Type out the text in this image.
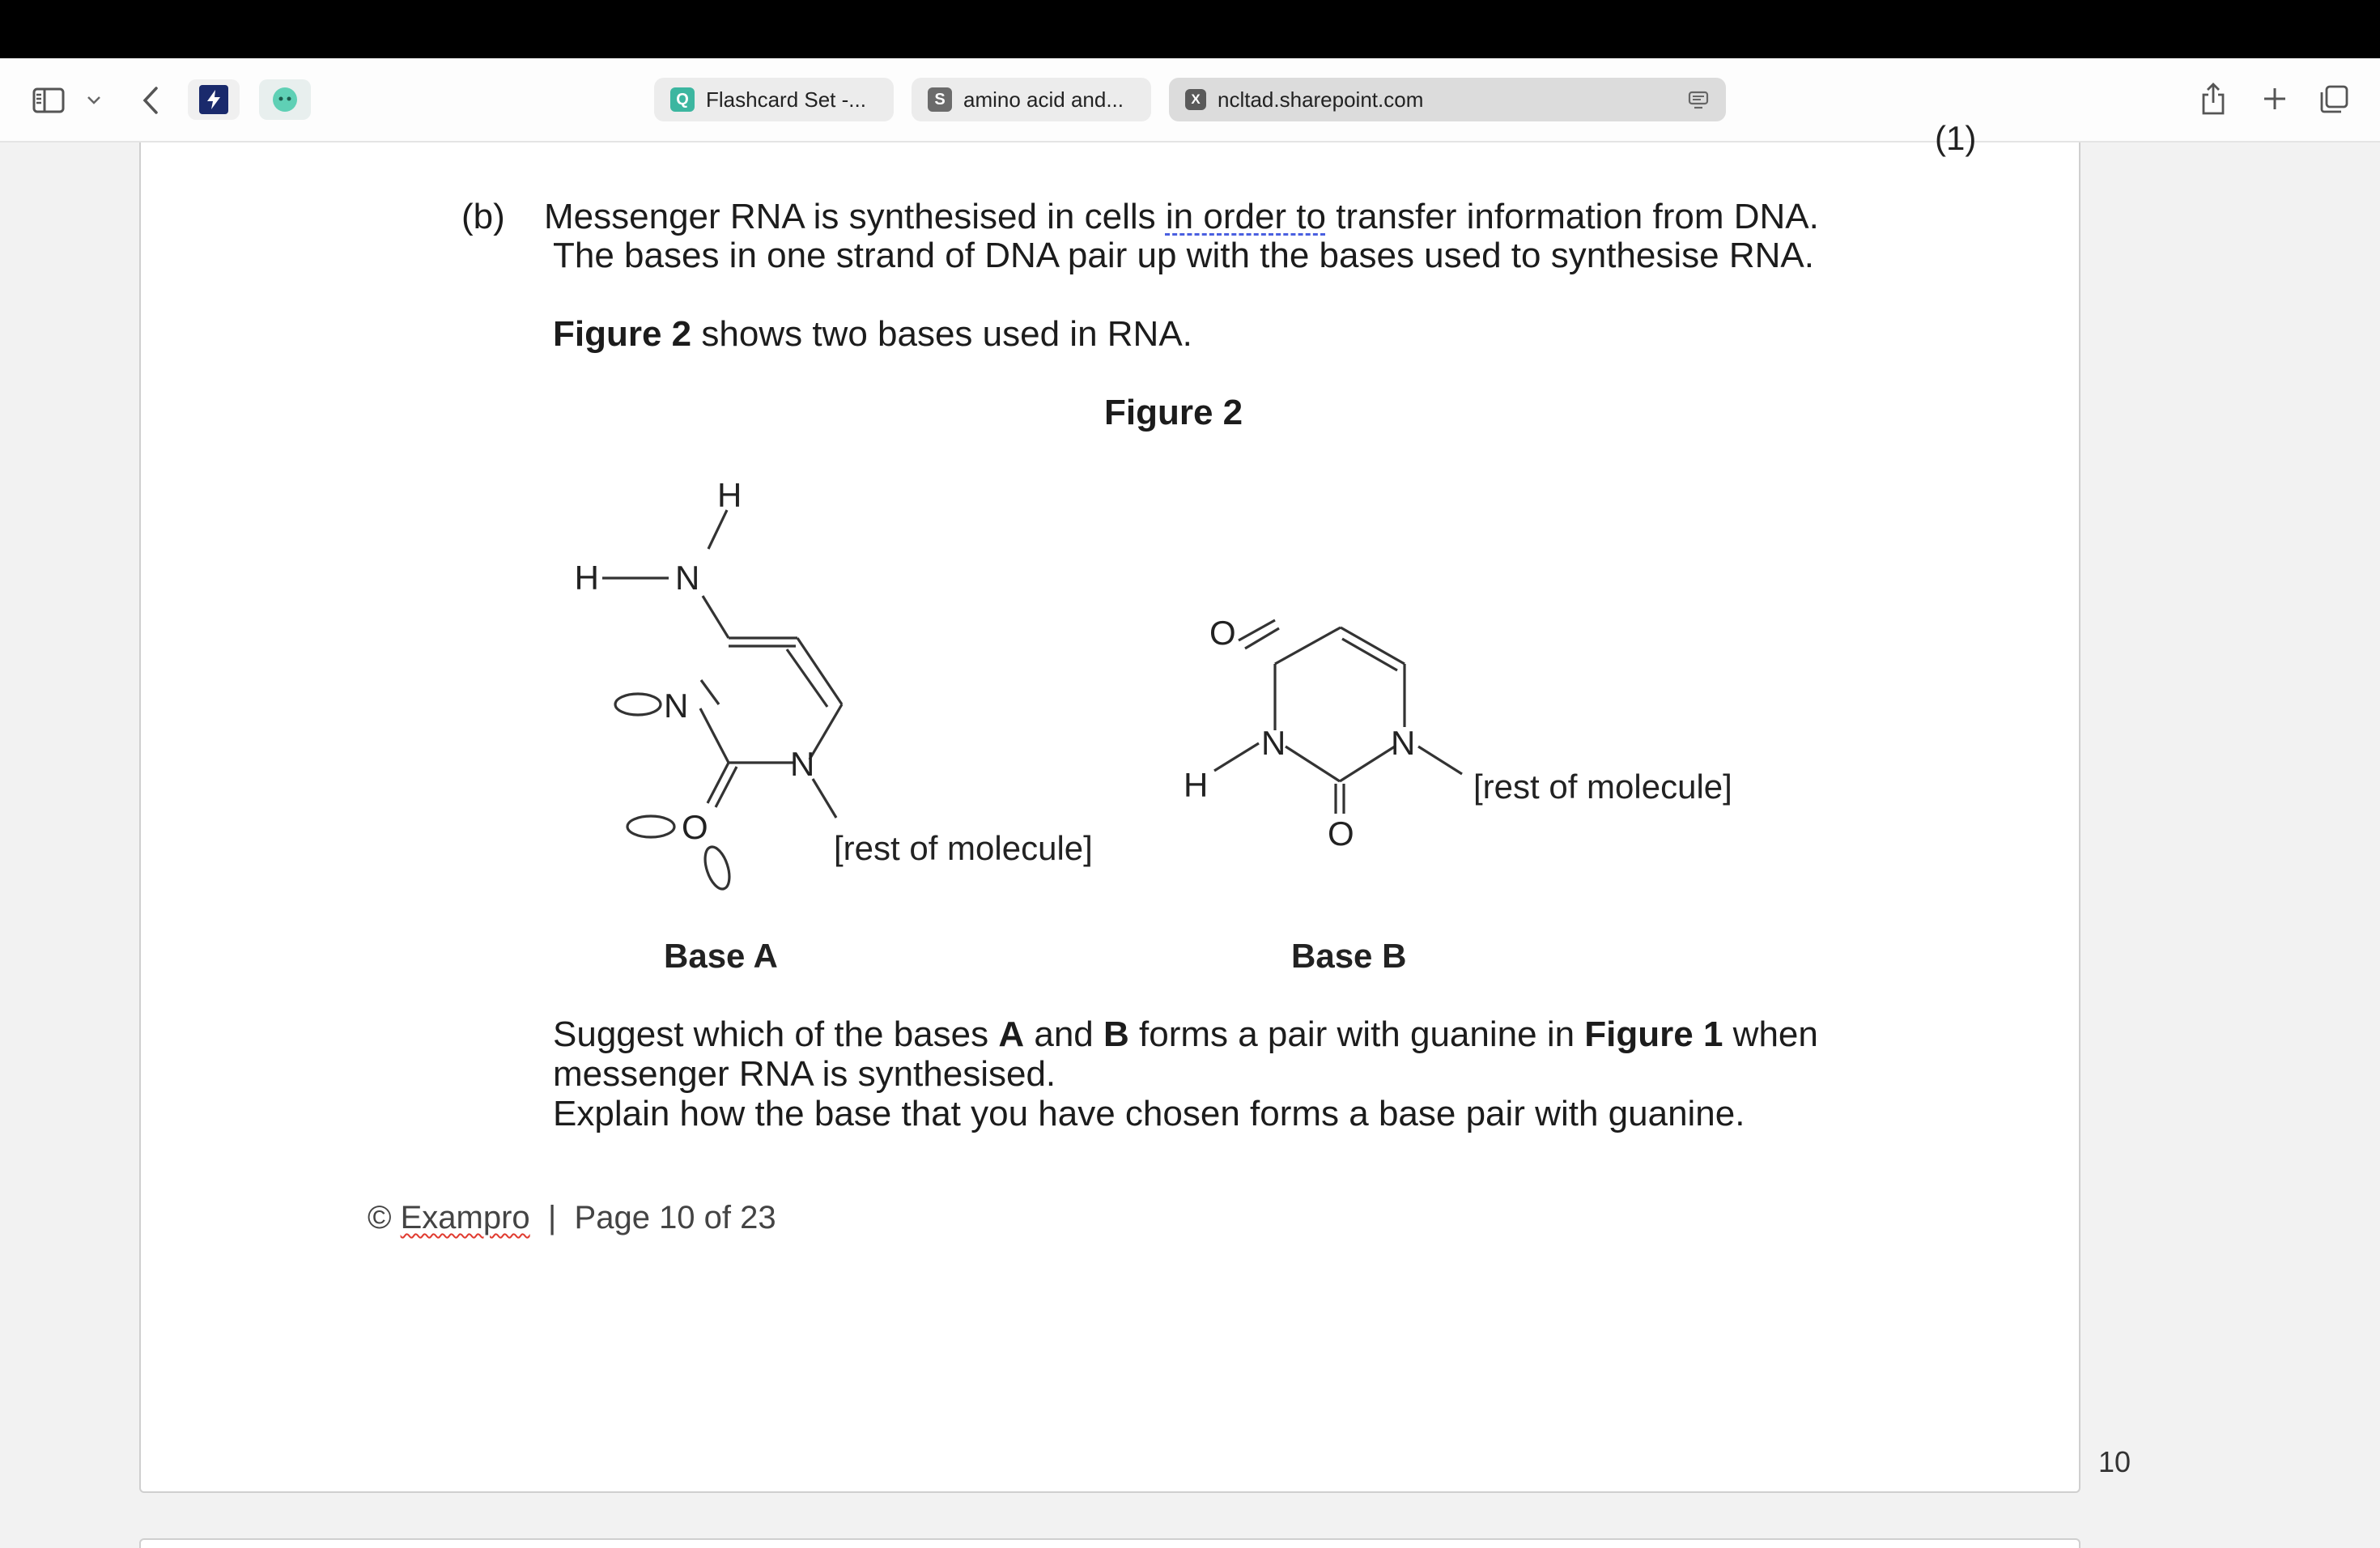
Q Flashcard Set -...	S amino acid and...	X ncltad.sharepoint.com
(1)
(b) Messenger RNA is synthesised in cells in order to transfer information from DNA.
The bases in one strand of DNA pair up with the bases used to synthesise RNA.
Figure 2 shows two bases used in RNA.
Figure 2
H
H N
N
N
O
[rest of molecule]
Base A
O
N	N
H
O
[rest of molecule]
Base B
Suggest which of the bases A and B forms a pair with guanine in Figure 1 when
messenger RNA is synthesised.
Explain how the base that you have chosen forms a base pair with guanine.
© Exampro | Page 10 of 23
10
